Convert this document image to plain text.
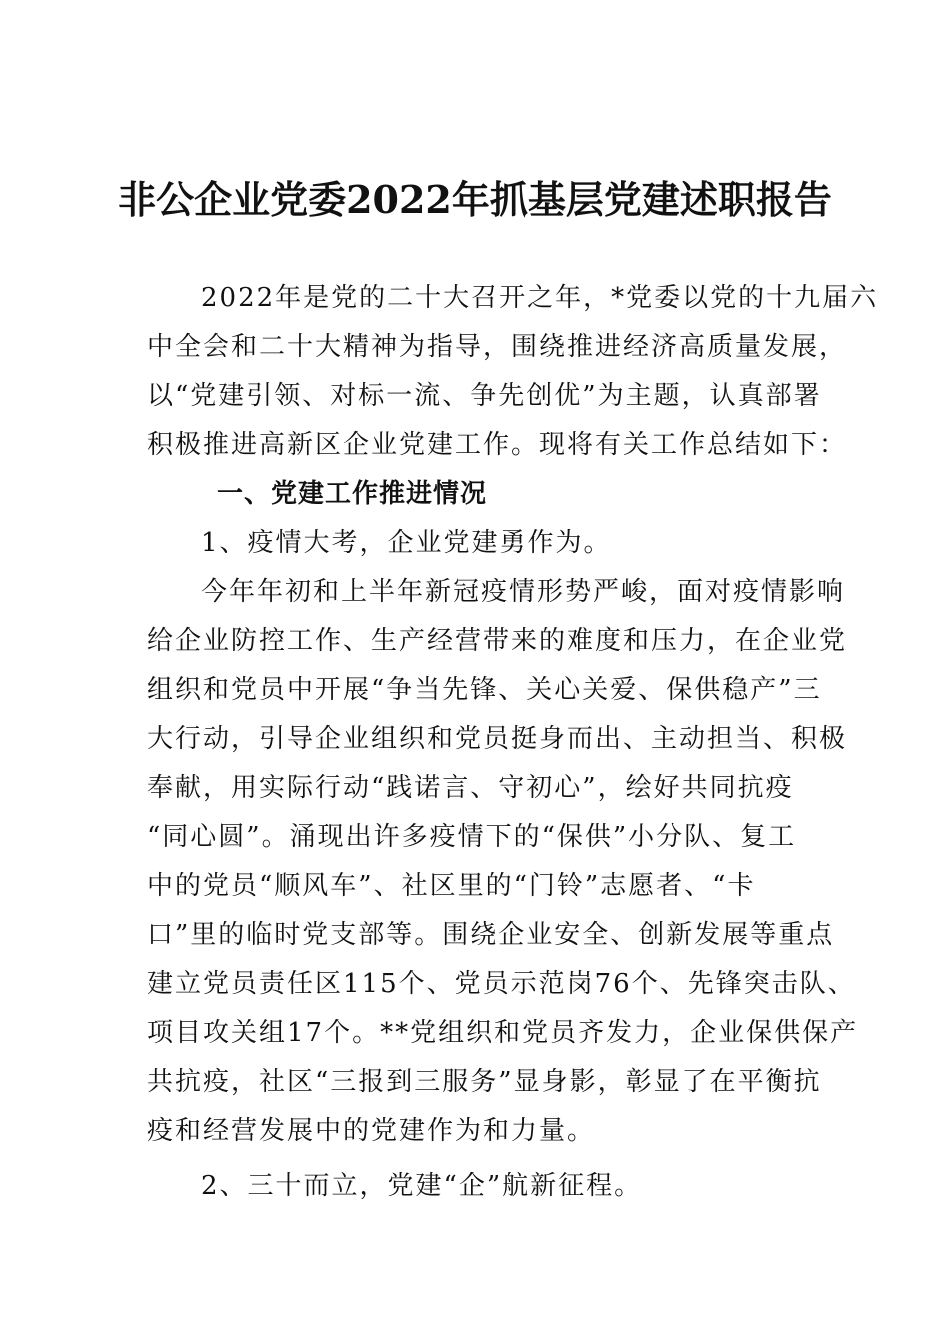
非公企业党委2022年抓基层党建述职报告
2022年是党的二十大召开之年，*党委以党的十九届六
中全会和二十大精神为指导，围绕推进经济高质量发展，
以“党建引领、对标一流、争先创优”为主题，认真部署
积极推进高新区企业党建工作。现将有关工作总结如下：
一、党建工作推进情况
1、疫情大考，企业党建勇作为。
今年年初和上半年新冠疫情形势严峻，面对疫情影响
给企业防控工作、生产经营带来的难度和压力，在企业党
组织和党员中开展“争当先锋、关心关爱、保供稳产”三
大行动，引导企业组织和党员挺身而出、主动担当、积极
奉献，用实际行动“践诺言、守初心”，绘好共同抗疫
“同心圆”。涌现出许多疫情下的“保供”小分队、复工
中的党员“顺风车”、社区里的“门铃”志愿者、“卡
口”里的临时党支部等。围绕企业安全、创新发展等重点
建立党员责任区115个、党员示范岗76个、先锋突击队、
项目攻关组17个。**党组织和党员齐发力，企业保供保产
共抗疫，社区“三报到三服务”显身影，彰显了在平衡抗
疫和经营发展中的党建作为和力量。
2、三十而立，党建“企”航新征程。
